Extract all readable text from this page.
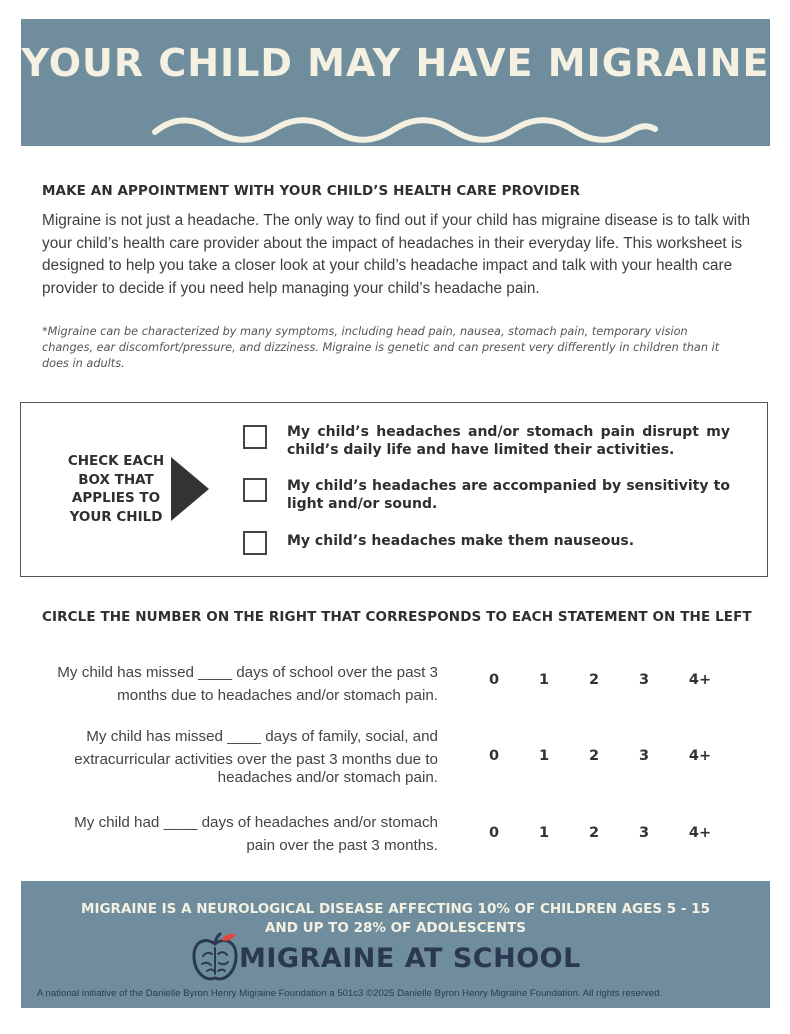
YOUR CHILD MAY HAVE MIGRAINE
MAKE AN APPOINTMENT WITH YOUR CHILD’S HEALTH CARE PROVIDER

Migraine is not just a headache. The only way to find out if your child has migraine disease is to talk with your child’s health care provider about the impact of headaches in their everyday life. This worksheet is designed to help you take a closer look at your child’s headache impact and talk with your health care provider to decide if you need help managing your child’s headache pain.

*Migraine can be characterized by many symptoms, including head pain, nausea, stomach pain, temporary vision changes, ear discomfort/pressure, and dizziness. Migraine is genetic and can present very differently in children than it does in adults.

CHECK EACH
BOX THAT
APPLIES TO
YOUR CHILD
My child’s headaches and/or stomach pain disrupt my child’s daily life and have limited their activities.
My child’s headaches are accompanied by sensitivity to light and/or sound.
My child’s headaches make them nauseous.
CIRCLE THE NUMBER ON THE RIGHT THAT CORRESPONDS TO EACH STATEMENT ON THE LEFT
My child has missed ____ days of school over the past 3
months due to headaches and/or stomach pain.
0	1	2	3	4+
My child has missed ____ days of family, social, and
extracurricular activities over the past 3 months due to
headaches and/or stomach pain.
0	1	2	3	4+
My child had ____ days of headaches and/or stomach
pain over the past 3 months.
0	1	2	3	4+
MIGRAINE IS A NEUROLOGICAL DISEASE AFFECTING 10% OF CHILDREN AGES 5 - 15
AND UP TO 28% OF ADOLESCENTS
MIGRAINE AT SCHOOL
A national initiative of the Danielle Byron Henry Migraine Foundation a 501c3 ©2025 Danielle Byron Henry Migraine Foundation. All rights reserved.
